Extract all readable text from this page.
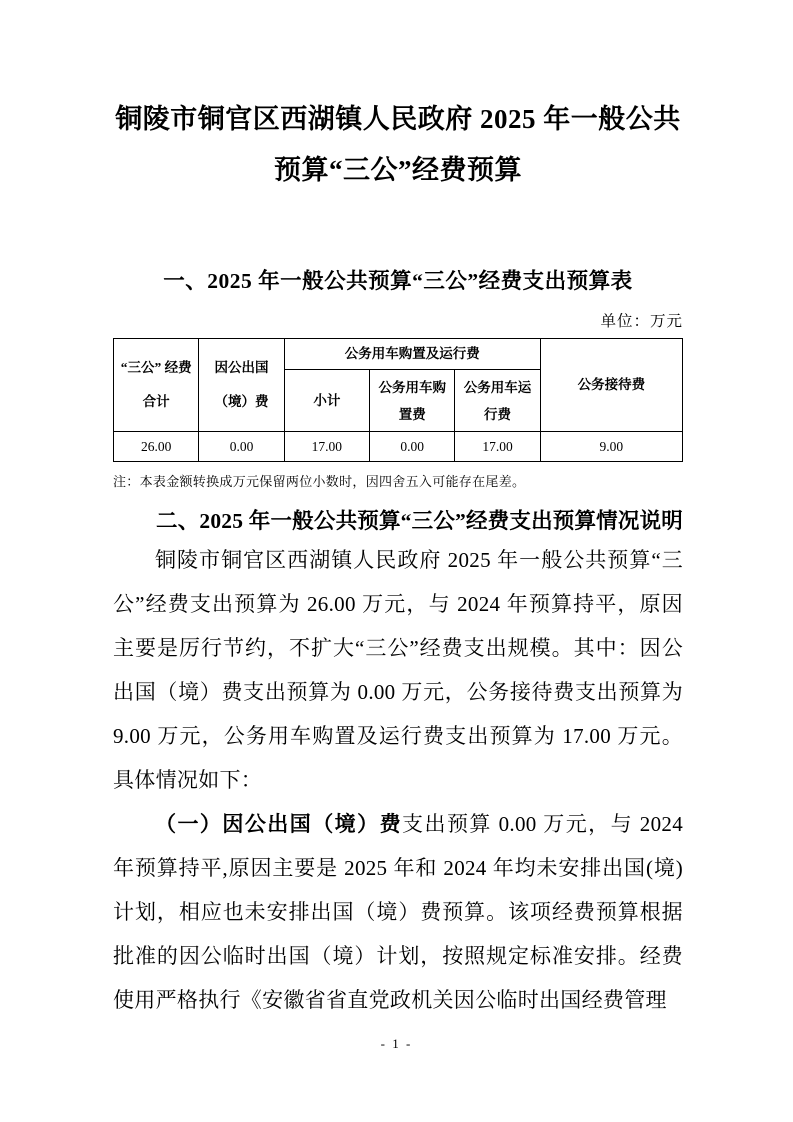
铜陵市铜官区西湖镇人民政府 2025 年一般公共
预算“三公”经费预算
一、2025 年一般公共预算“三公”经费支出预算表
单位：万元
“三公” 经费合计	因公出国（境）费	公务用车购置及运行费			公务接待费
		小计	公务用车购置费	公务用车运行费	
26.00	0.00	17.00	0.00	17.00	9.00
注：本表金额转换成万元保留两位小数时，因四舍五入可能存在尾差。
二、2025 年一般公共预算“三公”经费支出预算情况说明

铜陵市铜官区西湖镇人民政府 2025 年一般公共预算“三公”经费支出预算为 26.00 万元，与 2024 年预算持平，原因主要是厉行节约，不扩大“三公”经费支出规模。其中：因公出国（境）费支出预算为 0.00 万元，公务接待费支出预算为 9.00 万元，公务用车购置及运行费支出预算为 17.00 万元。具体情况如下：

（一）因公出国（境）费支出预算 0.00 万元，与 2024 年预算持平,原因主要是 2025 年和 2024 年均未安排出国(境)计划，相应也未安排出国（境）费预算。该项经费预算根据批准的因公临时出国（境）计划，按照规定标准安排。经费使用严格执行《安徽省省直党政机关因公临时出国经费管理

- 1 -
